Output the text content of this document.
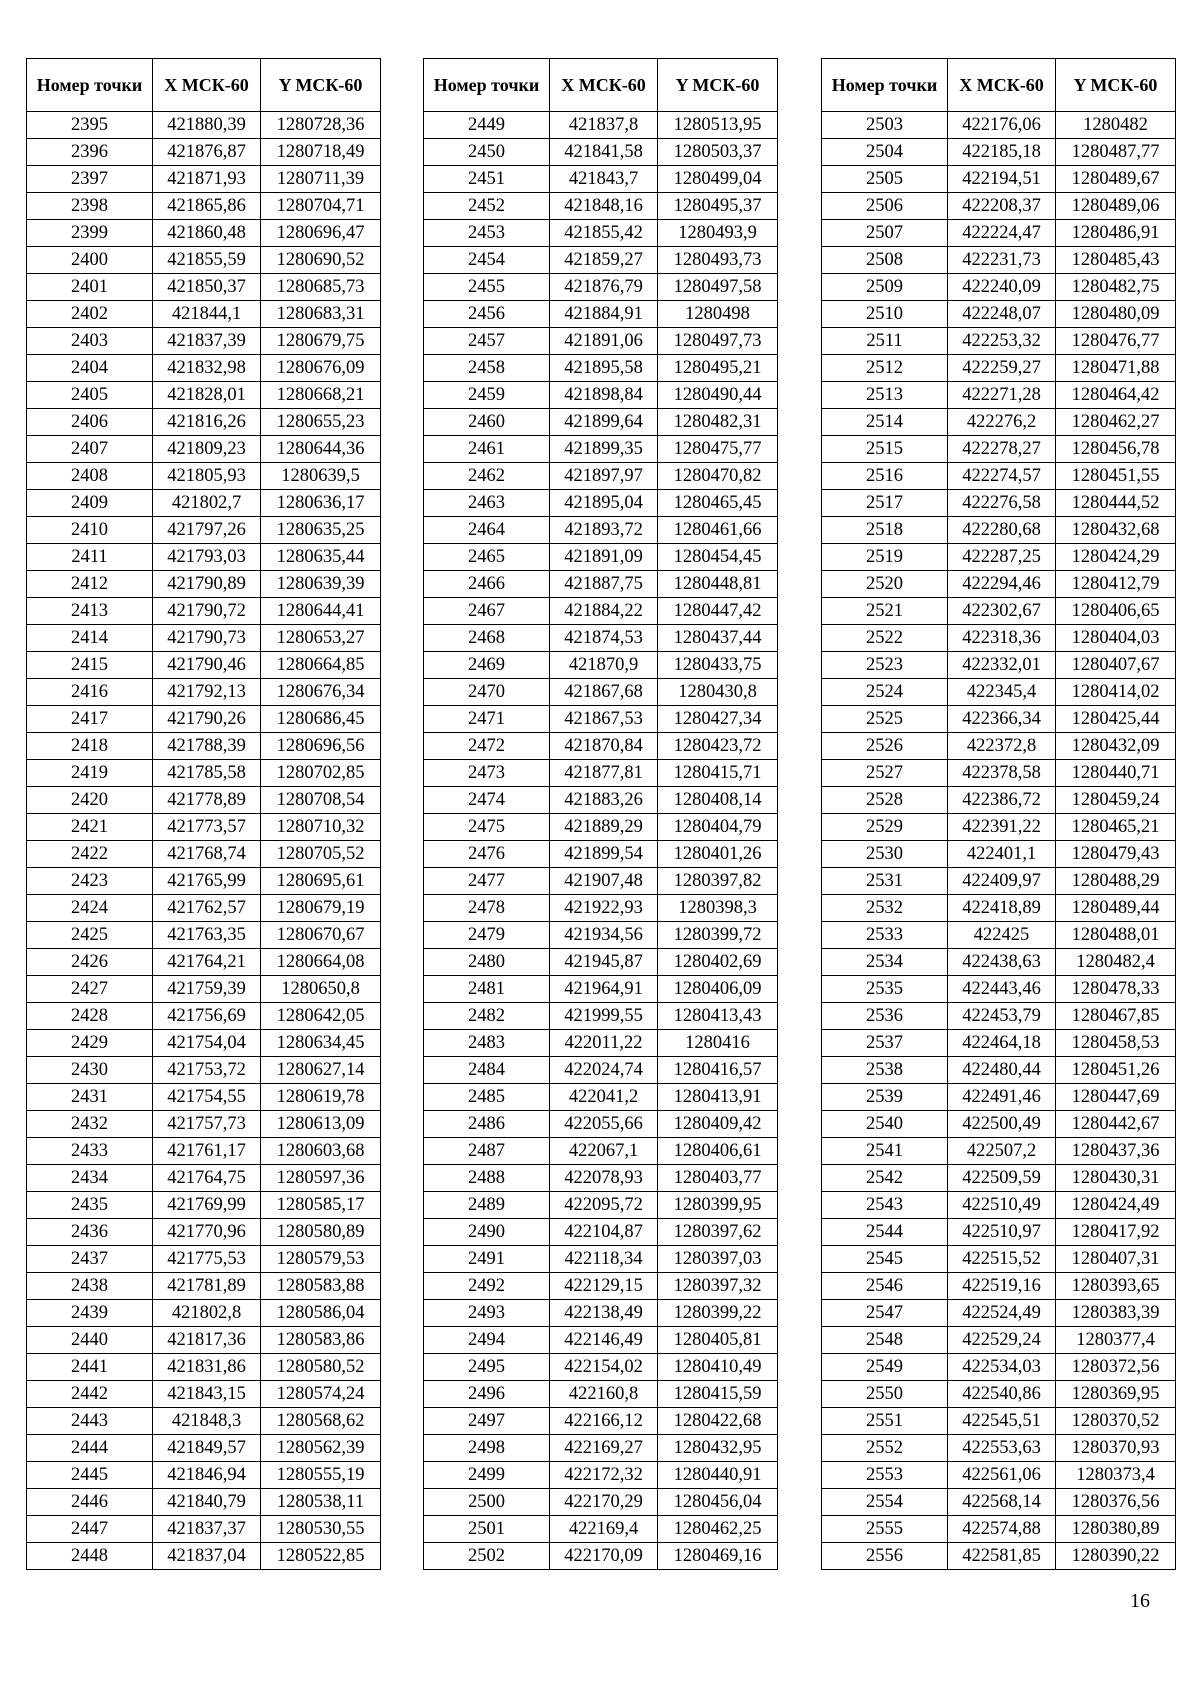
Номер точки	X МСК-60	Y МСК-60
2395	421880,39	1280728,36
2396	421876,87	1280718,49
2397	421871,93	1280711,39
2398	421865,86	1280704,71
2399	421860,48	1280696,47
2400	421855,59	1280690,52
2401	421850,37	1280685,73
2402	421844,1	1280683,31
2403	421837,39	1280679,75
2404	421832,98	1280676,09
2405	421828,01	1280668,21
2406	421816,26	1280655,23
2407	421809,23	1280644,36
2408	421805,93	1280639,5
2409	421802,7	1280636,17
2410	421797,26	1280635,25
2411	421793,03	1280635,44
2412	421790,89	1280639,39
2413	421790,72	1280644,41
2414	421790,73	1280653,27
2415	421790,46	1280664,85
2416	421792,13	1280676,34
2417	421790,26	1280686,45
2418	421788,39	1280696,56
2419	421785,58	1280702,85
2420	421778,89	1280708,54
2421	421773,57	1280710,32
2422	421768,74	1280705,52
2423	421765,99	1280695,61
2424	421762,57	1280679,19
2425	421763,35	1280670,67
2426	421764,21	1280664,08
2427	421759,39	1280650,8
2428	421756,69	1280642,05
2429	421754,04	1280634,45
2430	421753,72	1280627,14
2431	421754,55	1280619,78
2432	421757,73	1280613,09
2433	421761,17	1280603,68
2434	421764,75	1280597,36
2435	421769,99	1280585,17
2436	421770,96	1280580,89
2437	421775,53	1280579,53
2438	421781,89	1280583,88
2439	421802,8	1280586,04
2440	421817,36	1280583,86
2441	421831,86	1280580,52
2442	421843,15	1280574,24
2443	421848,3	1280568,62
2444	421849,57	1280562,39
2445	421846,94	1280555,19
2446	421840,79	1280538,11
2447	421837,37	1280530,55
2448	421837,04	1280522,85
Номер точки	X МСК-60	Y МСК-60
2449	421837,8	1280513,95
2450	421841,58	1280503,37
2451	421843,7	1280499,04
2452	421848,16	1280495,37
2453	421855,42	1280493,9
2454	421859,27	1280493,73
2455	421876,79	1280497,58
2456	421884,91	1280498
2457	421891,06	1280497,73
2458	421895,58	1280495,21
2459	421898,84	1280490,44
2460	421899,64	1280482,31
2461	421899,35	1280475,77
2462	421897,97	1280470,82
2463	421895,04	1280465,45
2464	421893,72	1280461,66
2465	421891,09	1280454,45
2466	421887,75	1280448,81
2467	421884,22	1280447,42
2468	421874,53	1280437,44
2469	421870,9	1280433,75
2470	421867,68	1280430,8
2471	421867,53	1280427,34
2472	421870,84	1280423,72
2473	421877,81	1280415,71
2474	421883,26	1280408,14
2475	421889,29	1280404,79
2476	421899,54	1280401,26
2477	421907,48	1280397,82
2478	421922,93	1280398,3
2479	421934,56	1280399,72
2480	421945,87	1280402,69
2481	421964,91	1280406,09
2482	421999,55	1280413,43
2483	422011,22	1280416
2484	422024,74	1280416,57
2485	422041,2	1280413,91
2486	422055,66	1280409,42
2487	422067,1	1280406,61
2488	422078,93	1280403,77
2489	422095,72	1280399,95
2490	422104,87	1280397,62
2491	422118,34	1280397,03
2492	422129,15	1280397,32
2493	422138,49	1280399,22
2494	422146,49	1280405,81
2495	422154,02	1280410,49
2496	422160,8	1280415,59
2497	422166,12	1280422,68
2498	422169,27	1280432,95
2499	422172,32	1280440,91
2500	422170,29	1280456,04
2501	422169,4	1280462,25
2502	422170,09	1280469,16
Номер точки	X МСК-60	Y МСК-60
2503	422176,06	1280482
2504	422185,18	1280487,77
2505	422194,51	1280489,67
2506	422208,37	1280489,06
2507	422224,47	1280486,91
2508	422231,73	1280485,43
2509	422240,09	1280482,75
2510	422248,07	1280480,09
2511	422253,32	1280476,77
2512	422259,27	1280471,88
2513	422271,28	1280464,42
2514	422276,2	1280462,27
2515	422278,27	1280456,78
2516	422274,57	1280451,55
2517	422276,58	1280444,52
2518	422280,68	1280432,68
2519	422287,25	1280424,29
2520	422294,46	1280412,79
2521	422302,67	1280406,65
2522	422318,36	1280404,03
2523	422332,01	1280407,67
2524	422345,4	1280414,02
2525	422366,34	1280425,44
2526	422372,8	1280432,09
2527	422378,58	1280440,71
2528	422386,72	1280459,24
2529	422391,22	1280465,21
2530	422401,1	1280479,43
2531	422409,97	1280488,29
2532	422418,89	1280489,44
2533	422425	1280488,01
2534	422438,63	1280482,4
2535	422443,46	1280478,33
2536	422453,79	1280467,85
2537	422464,18	1280458,53
2538	422480,44	1280451,26
2539	422491,46	1280447,69
2540	422500,49	1280442,67
2541	422507,2	1280437,36
2542	422509,59	1280430,31
2543	422510,49	1280424,49
2544	422510,97	1280417,92
2545	422515,52	1280407,31
2546	422519,16	1280393,65
2547	422524,49	1280383,39
2548	422529,24	1280377,4
2549	422534,03	1280372,56
2550	422540,86	1280369,95
2551	422545,51	1280370,52
2552	422553,63	1280370,93
2553	422561,06	1280373,4
2554	422568,14	1280376,56
2555	422574,88	1280380,89
2556	422581,85	1280390,22
16
